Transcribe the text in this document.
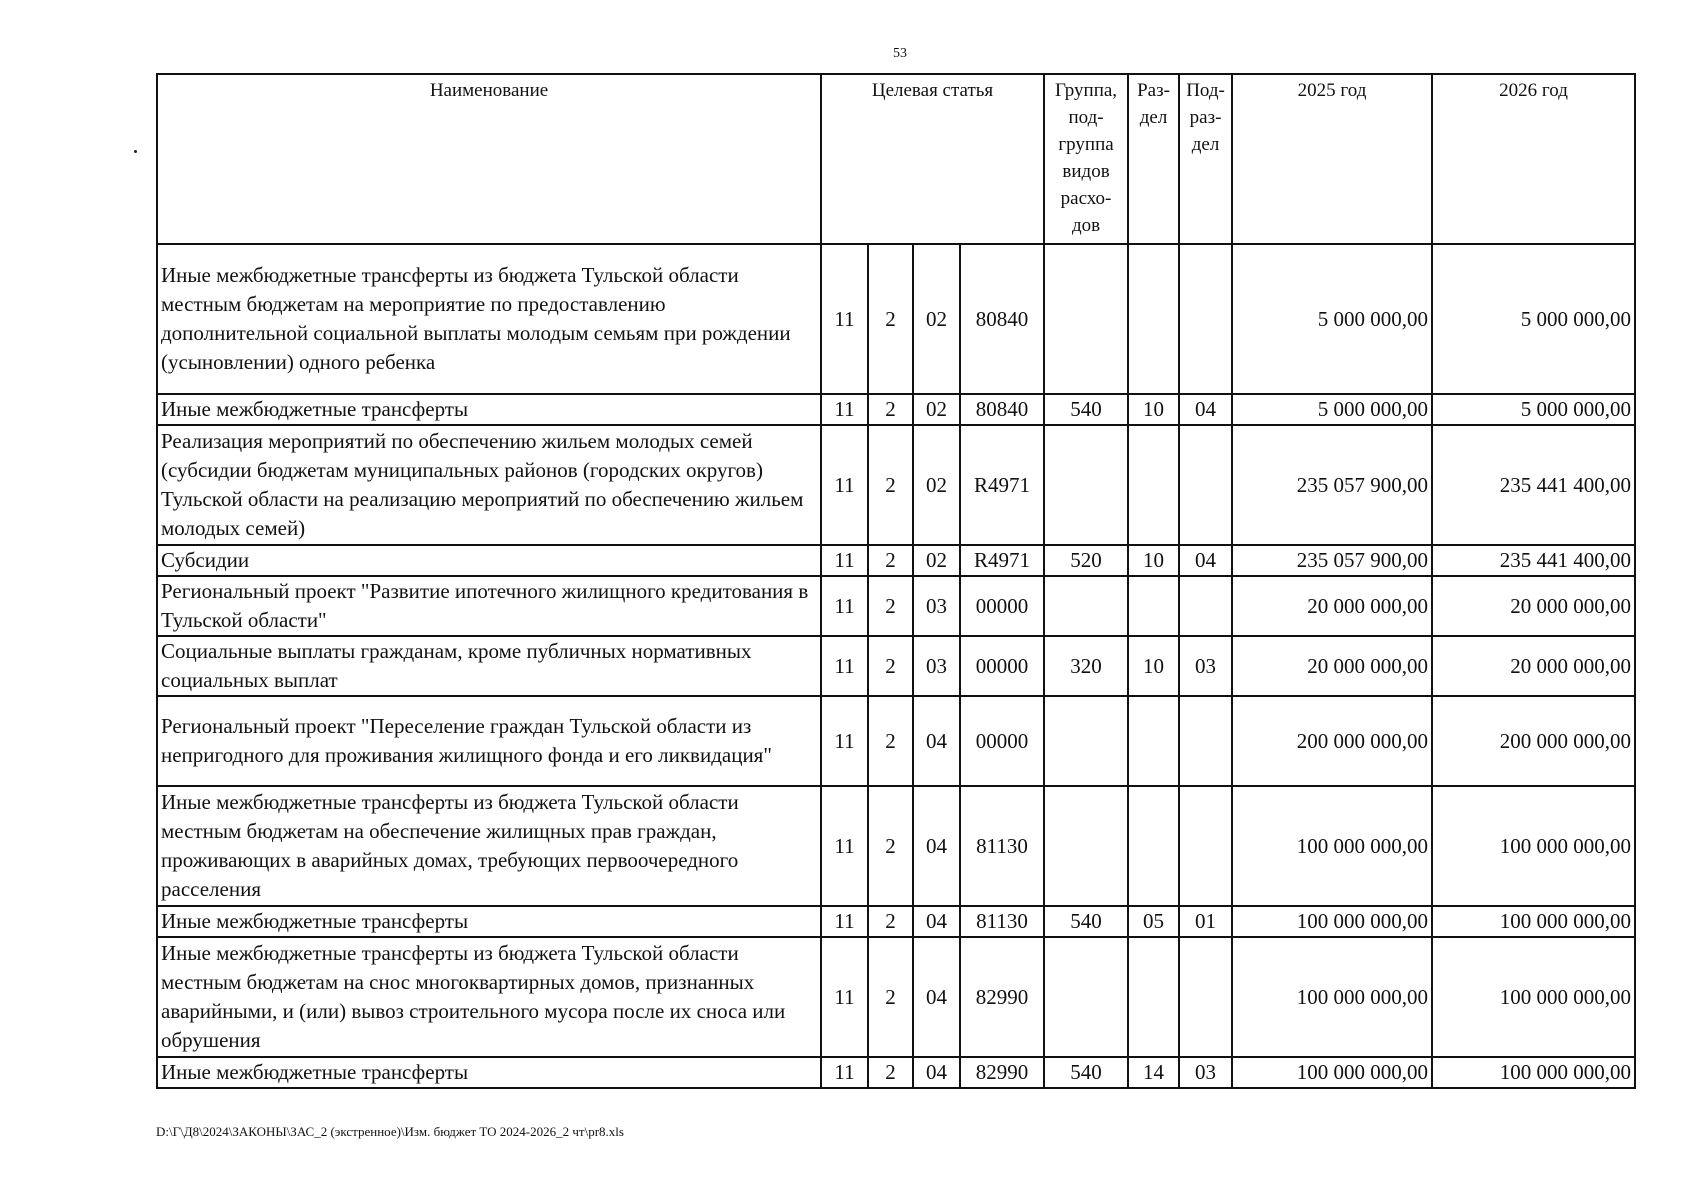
53
Наименование	Целевая статья				Группа, под-группа видов расхо-дов	Раз-дел	Под-раз-дел	2025 год	2026 год
Иные межбюджетные трансферты из бюджета Тульской области местным бюджетам на мероприятие по предоставлению дополнительной социальной выплаты молодым семьям при рождении (усыновлении) одного ребенка	11	2	02	80840				5 000 000,00	5 000 000,00
Иные межбюджетные трансферты	11	2	02	80840	540	10	04	5 000 000,00	5 000 000,00
Реализация мероприятий по обеспечению жильем молодых семей (субсидии бюджетам муниципальных районов (городских округов) Тульской области на реализацию мероприятий по обеспечению жильем молодых семей)	11	2	02	R4971				235 057 900,00	235 441 400,00
Субсидии	11	2	02	R4971	520	10	04	235 057 900,00	235 441 400,00
Региональный проект "Развитие ипотечного жилищного кредитования в Тульской области"	11	2	03	00000				20 000 000,00	20 000 000,00
Социальные выплаты гражданам, кроме публичных нормативных социальных выплат	11	2	03	00000	320	10	03	20 000 000,00	20 000 000,00
Региональный проект "Переселение граждан Тульской области из непригодного для проживания жилищного фонда и его ликвидация"	11	2	04	00000				200 000 000,00	200 000 000,00
Иные межбюджетные трансферты из бюджета Тульской области местным бюджетам на обеспечение жилищных прав граждан, проживающих в аварийных домах, требующих первоочередного расселения	11	2	04	81130				100 000 000,00	100 000 000,00
Иные межбюджетные трансферты	11	2	04	81130	540	05	01	100 000 000,00	100 000 000,00
Иные межбюджетные трансферты из бюджета Тульской области местным бюджетам на снос многоквартирных домов, признанных аварийными, и (или) вывоз строительного мусора после их сноса или обрушения	11	2	04	82990				100 000 000,00	100 000 000,00
Иные межбюджетные трансферты	11	2	04	82990	540	14	03	100 000 000,00	100 000 000,00
D:\Г\Д8\2024\ЗАКОНЫ\ЗАС_2 (экстренное)\Изм. бюджет ТО 2024-2026_2 чт\pr8.xls
